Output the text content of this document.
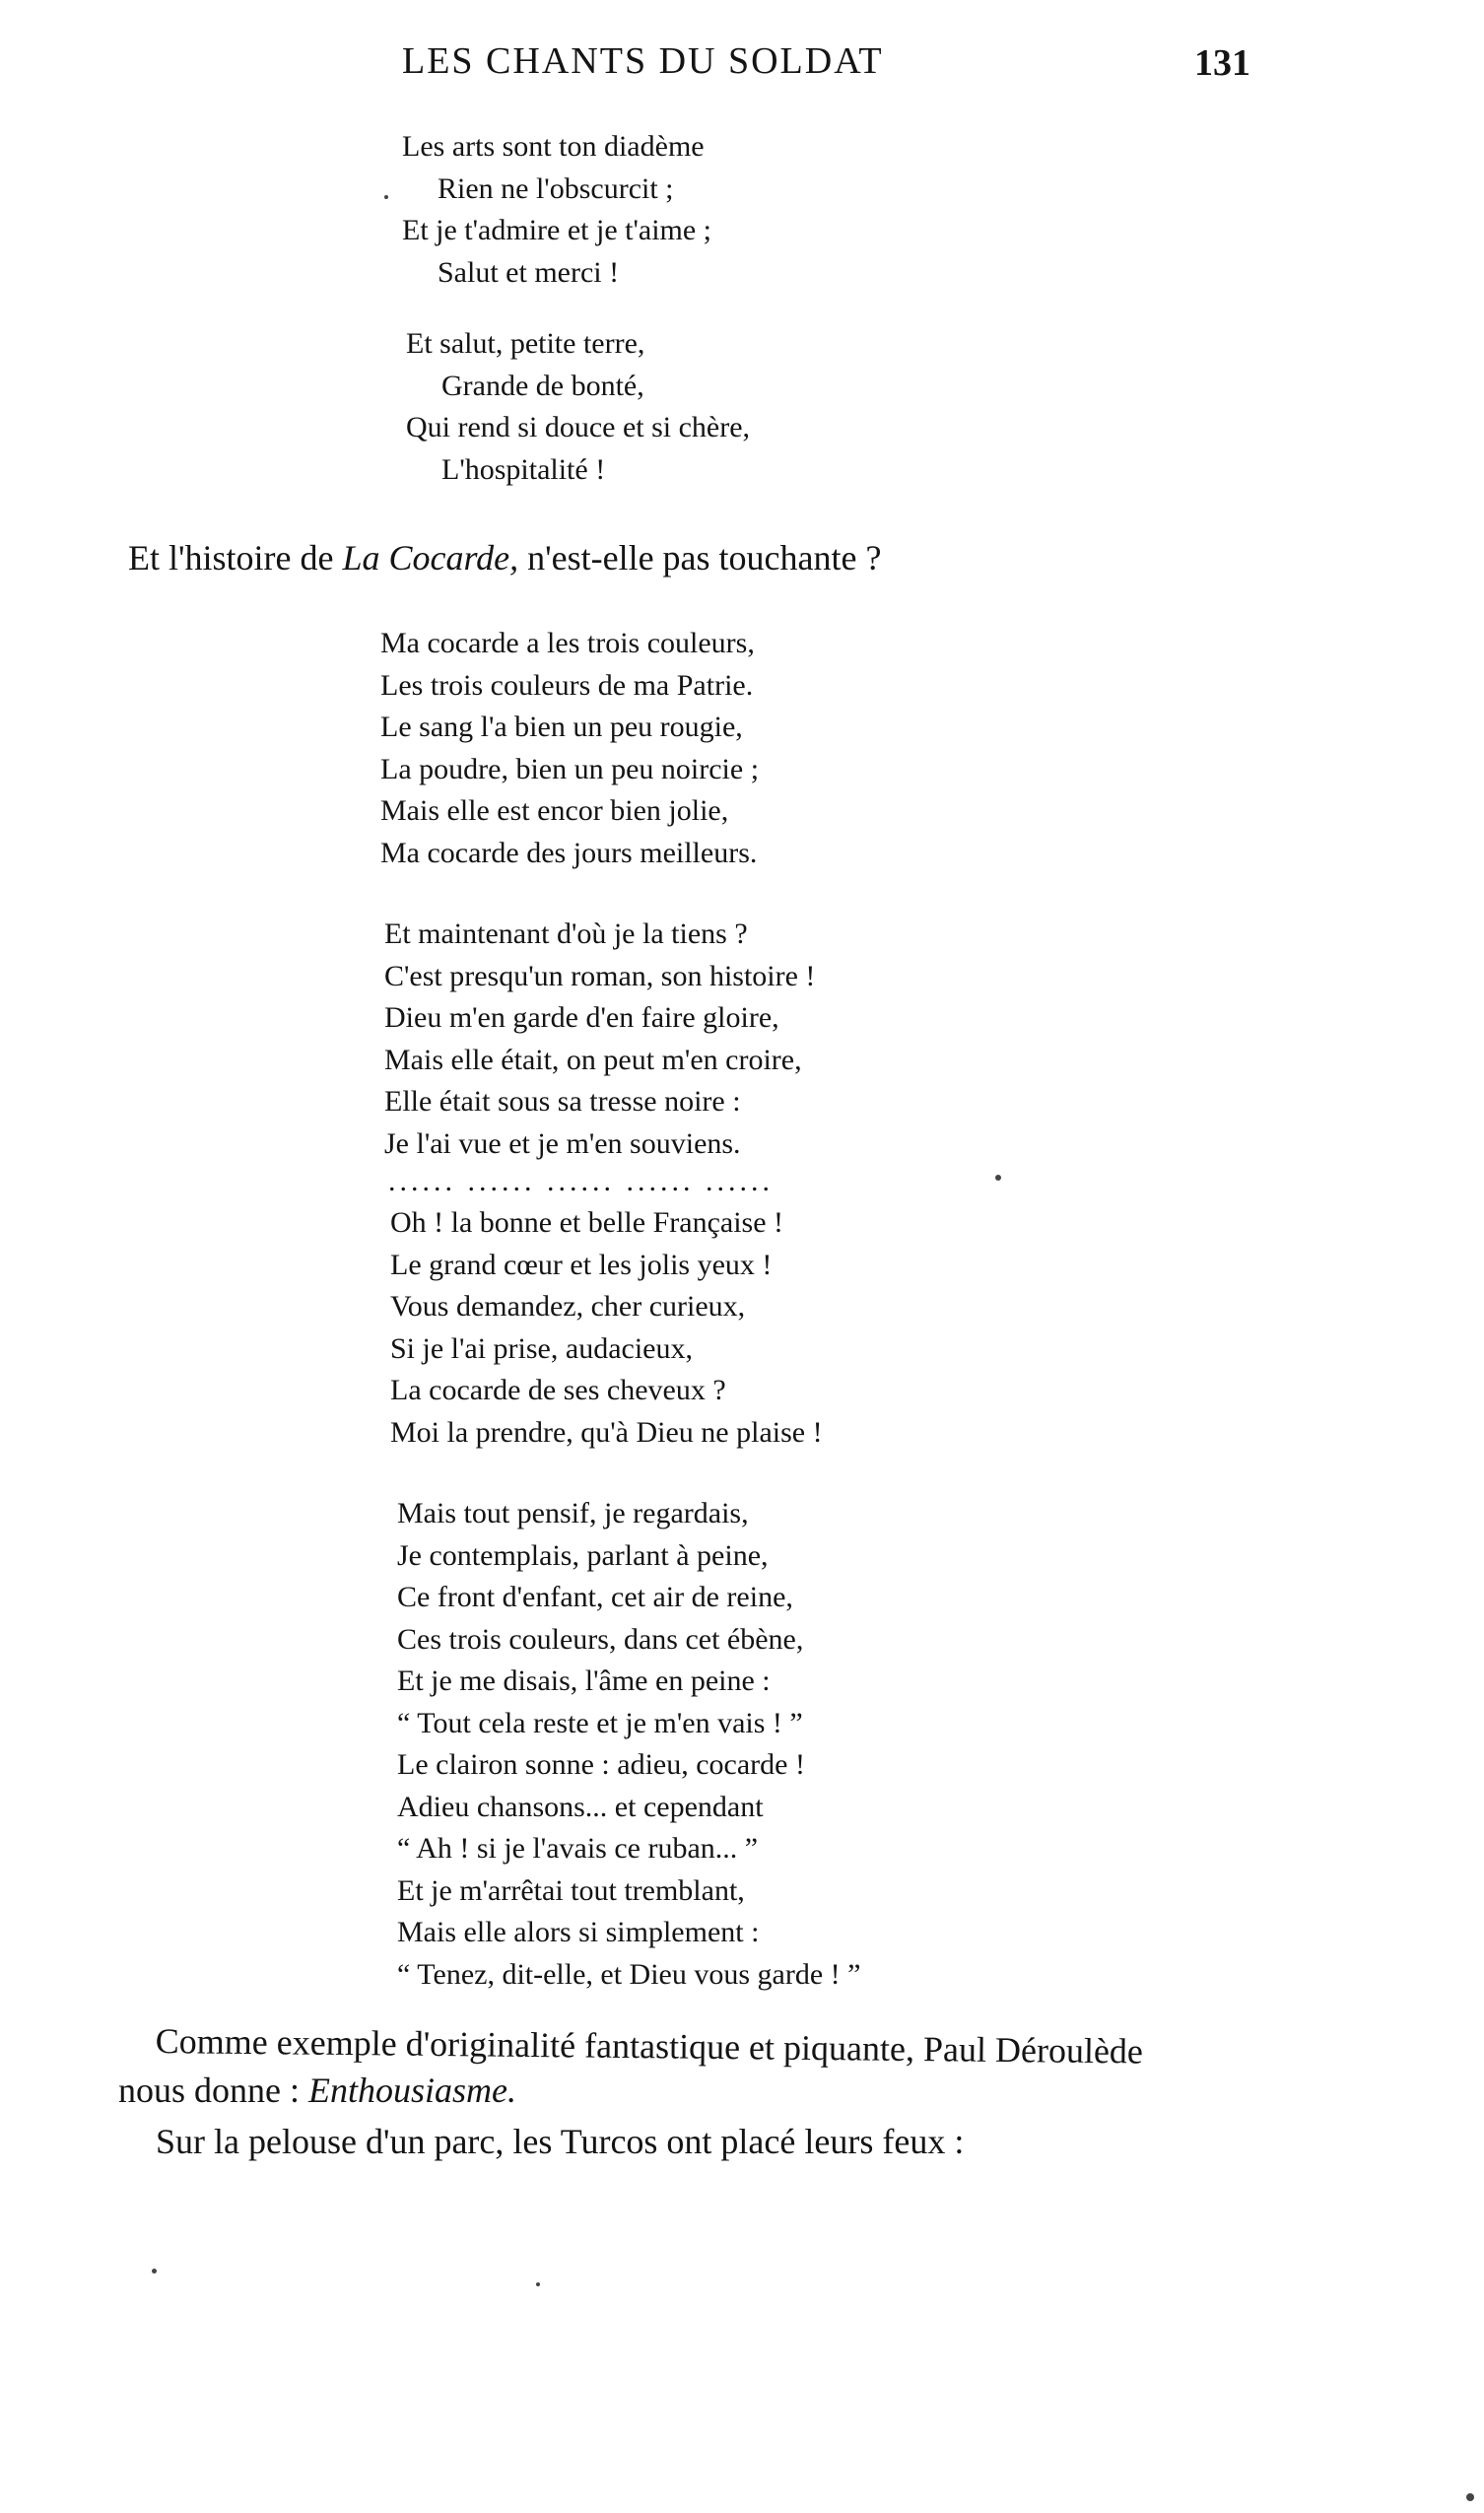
LES CHANTS DU SOLDAT	131
Les arts sont ton diadème
Rien ne l'obscurcit ;
Et je t'admire et je t'aime ;
Salut et merci !
Et salut, petite terre,
Grande de bonté,
Qui rend si douce et si chère,
L'hospitalité !
Et l'histoire de La Cocarde, n'est-elle pas touchante ?
Ma cocarde a les trois couleurs,
Les trois couleurs de ma Patrie.
Le sang l'a bien un peu rougie,
La poudre, bien un peu noircie ;
Mais elle est encor bien jolie,
Ma cocarde des jours meilleurs.
Et maintenant d'où je la tiens ?
C'est presqu'un roman, son histoire !
Dieu m'en garde d'en faire gloire,
Mais elle était, on peut m'en croire,
Elle était sous sa tresse noire :
Je l'ai vue et je m'en souviens.
...... ...... ...... ...... ......
Oh ! la bonne et belle Française !
Le grand cœur et les jolis yeux !
Vous demandez, cher curieux,
Si je l'ai prise, audacieux,
La cocarde de ses cheveux ?
Moi la prendre, qu'à Dieu ne plaise !
Mais tout pensif, je regardais,
Je contemplais, parlant à peine,
Ce front d'enfant, cet air de reine,
Ces trois couleurs, dans cet ébène,
Et je me disais, l'âme en peine :
“ Tout cela reste et je m'en vais ! ”
Le clairon sonne : adieu, cocarde !
Adieu chansons... et cependant
“ Ah ! si je l'avais ce ruban... ”
Et je m'arrêtai tout tremblant,
Mais elle alors si simplement :
“ Tenez, dit-elle, et Dieu vous garde ! ”
Comme exemple d'originalité fantastique et piquante, Paul Déroulède
nous donne : Enthousiasme.
Sur la pelouse d'un parc, les Turcos ont placé leurs feux :
